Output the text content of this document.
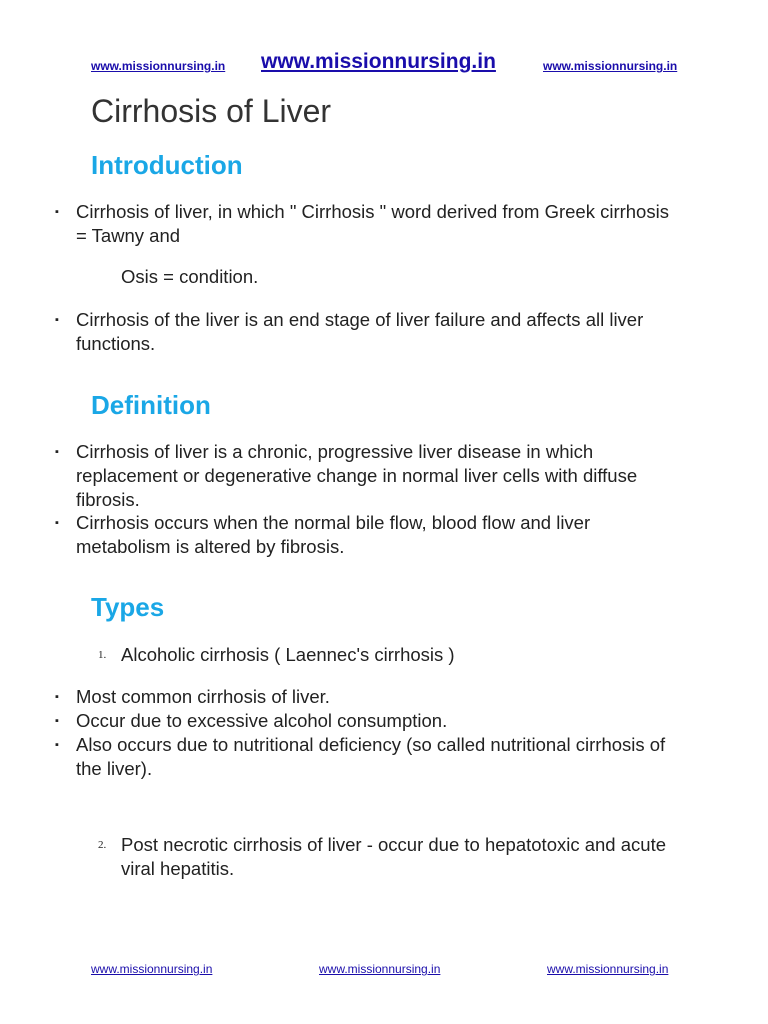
www.missionnursing.in www.missionnursing.in	www.missionnursing.in
Cirrhosis of Liver
Introduction
▪ Cirrhosis of liver, in which " Cirrhosis " word derived from Greek cirrhosis = Tawny and
Osis = condition.
▪ Cirrhosis of the liver is an end stage of liver failure and affects all liver functions.
Definition
▪ Cirrhosis of liver is a chronic, progressive liver disease in which replacement or degenerative change in normal liver cells with diffuse fibrosis.
▪ Cirrhosis occurs when the normal bile flow, blood flow and liver metabolism is altered by fibrosis.
Types
1. Alcoholic cirrhosis ( Laennec's cirrhosis )
▪ Most common cirrhosis of liver.
▪ Occur due to excessive alcohol consumption.
▪ Also occurs due to nutritional deficiency (so called nutritional cirrhosis of the liver).
2. Post necrotic cirrhosis of liver - occur due to hepatotoxic and acute viral hepatitis.
www.missionnursing.in	www.missionnursing.in	www.missionnursing.in
